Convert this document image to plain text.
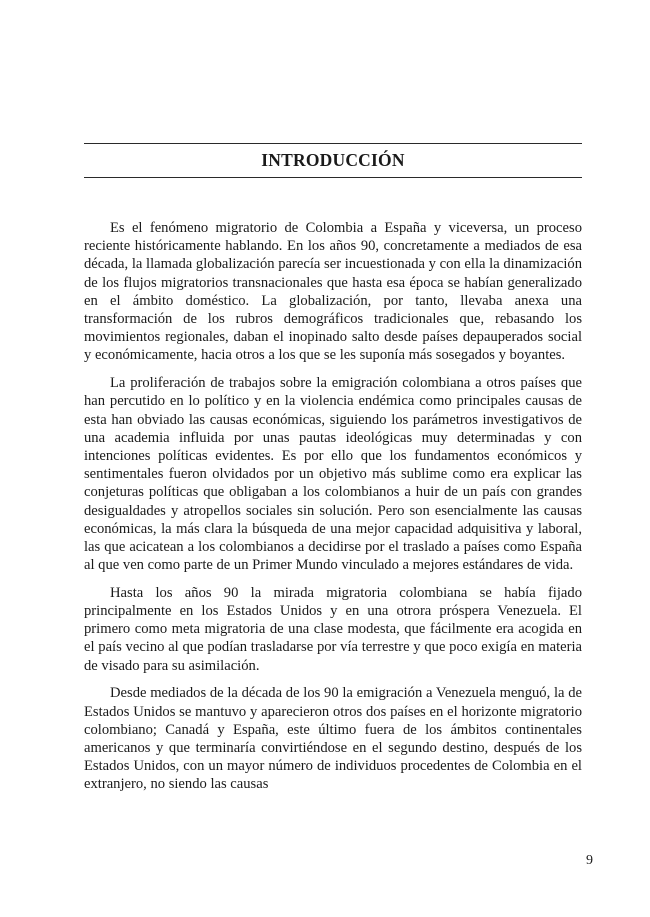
INTRODUCCIÓN

Es el fenómeno migratorio de Colombia a España y viceversa, un proceso reciente históricamente hablando. En los años 90, concretamente a mediados de esa década, la llamada globalización parecía ser incuestionada y con ella la dinamización de los flujos migratorios transnacionales que hasta esa época se habían generalizado en el ámbito doméstico. La globalización, por tanto, llevaba anexa una transformación de los rubros demográficos tradicionales que, rebasando los movimientos regionales, daban el inopinado salto desde países depauperados social y económicamente, hacia otros a los que se les suponía más sosegados y boyantes.

La proliferación de trabajos sobre la emigración colombiana a otros países que han percutido en lo político y en la violencia endémica como principales causas de esta han obviado las causas económicas, siguiendo los parámetros investigativos de una academia influida por unas pautas ideológicas muy determinadas y con intenciones políticas evidentes. Es por ello que los fundamentos económicos y sentimentales fueron olvidados por un objetivo más sublime como era explicar las conjeturas políticas que obligaban a los colombianos a huir de un país con grandes desigualdades y atropellos sociales sin solución. Pero son esencialmente las causas económicas, la más clara la búsqueda de una mejor capacidad adquisitiva y laboral, las que acicatean a los colombianos a decidirse por el traslado a países como España al que ven como parte de un Primer Mundo vinculado a mejores estándares de vida.

Hasta los años 90 la mirada migratoria colombiana se había fijado principalmente en los Estados Unidos y en una otrora próspera Venezuela. El primero como meta migratoria de una clase modesta, que fácilmente era acogida en el país vecino al que podían trasladarse por vía terrestre y que poco exigía en materia de visado para su asimilación.

Desde mediados de la década de los 90 la emigración a Venezuela menguó, la de Estados Unidos se mantuvo y aparecieron otros dos países en el horizonte migratorio colombiano; Canadá y España, este último fuera de los ámbitos continentales americanos y que terminaría convirtiéndose en el segundo destino, después de los Estados Unidos, con un mayor número de individuos procedentes de Colombia en el extranjero, no siendo las causas

9
